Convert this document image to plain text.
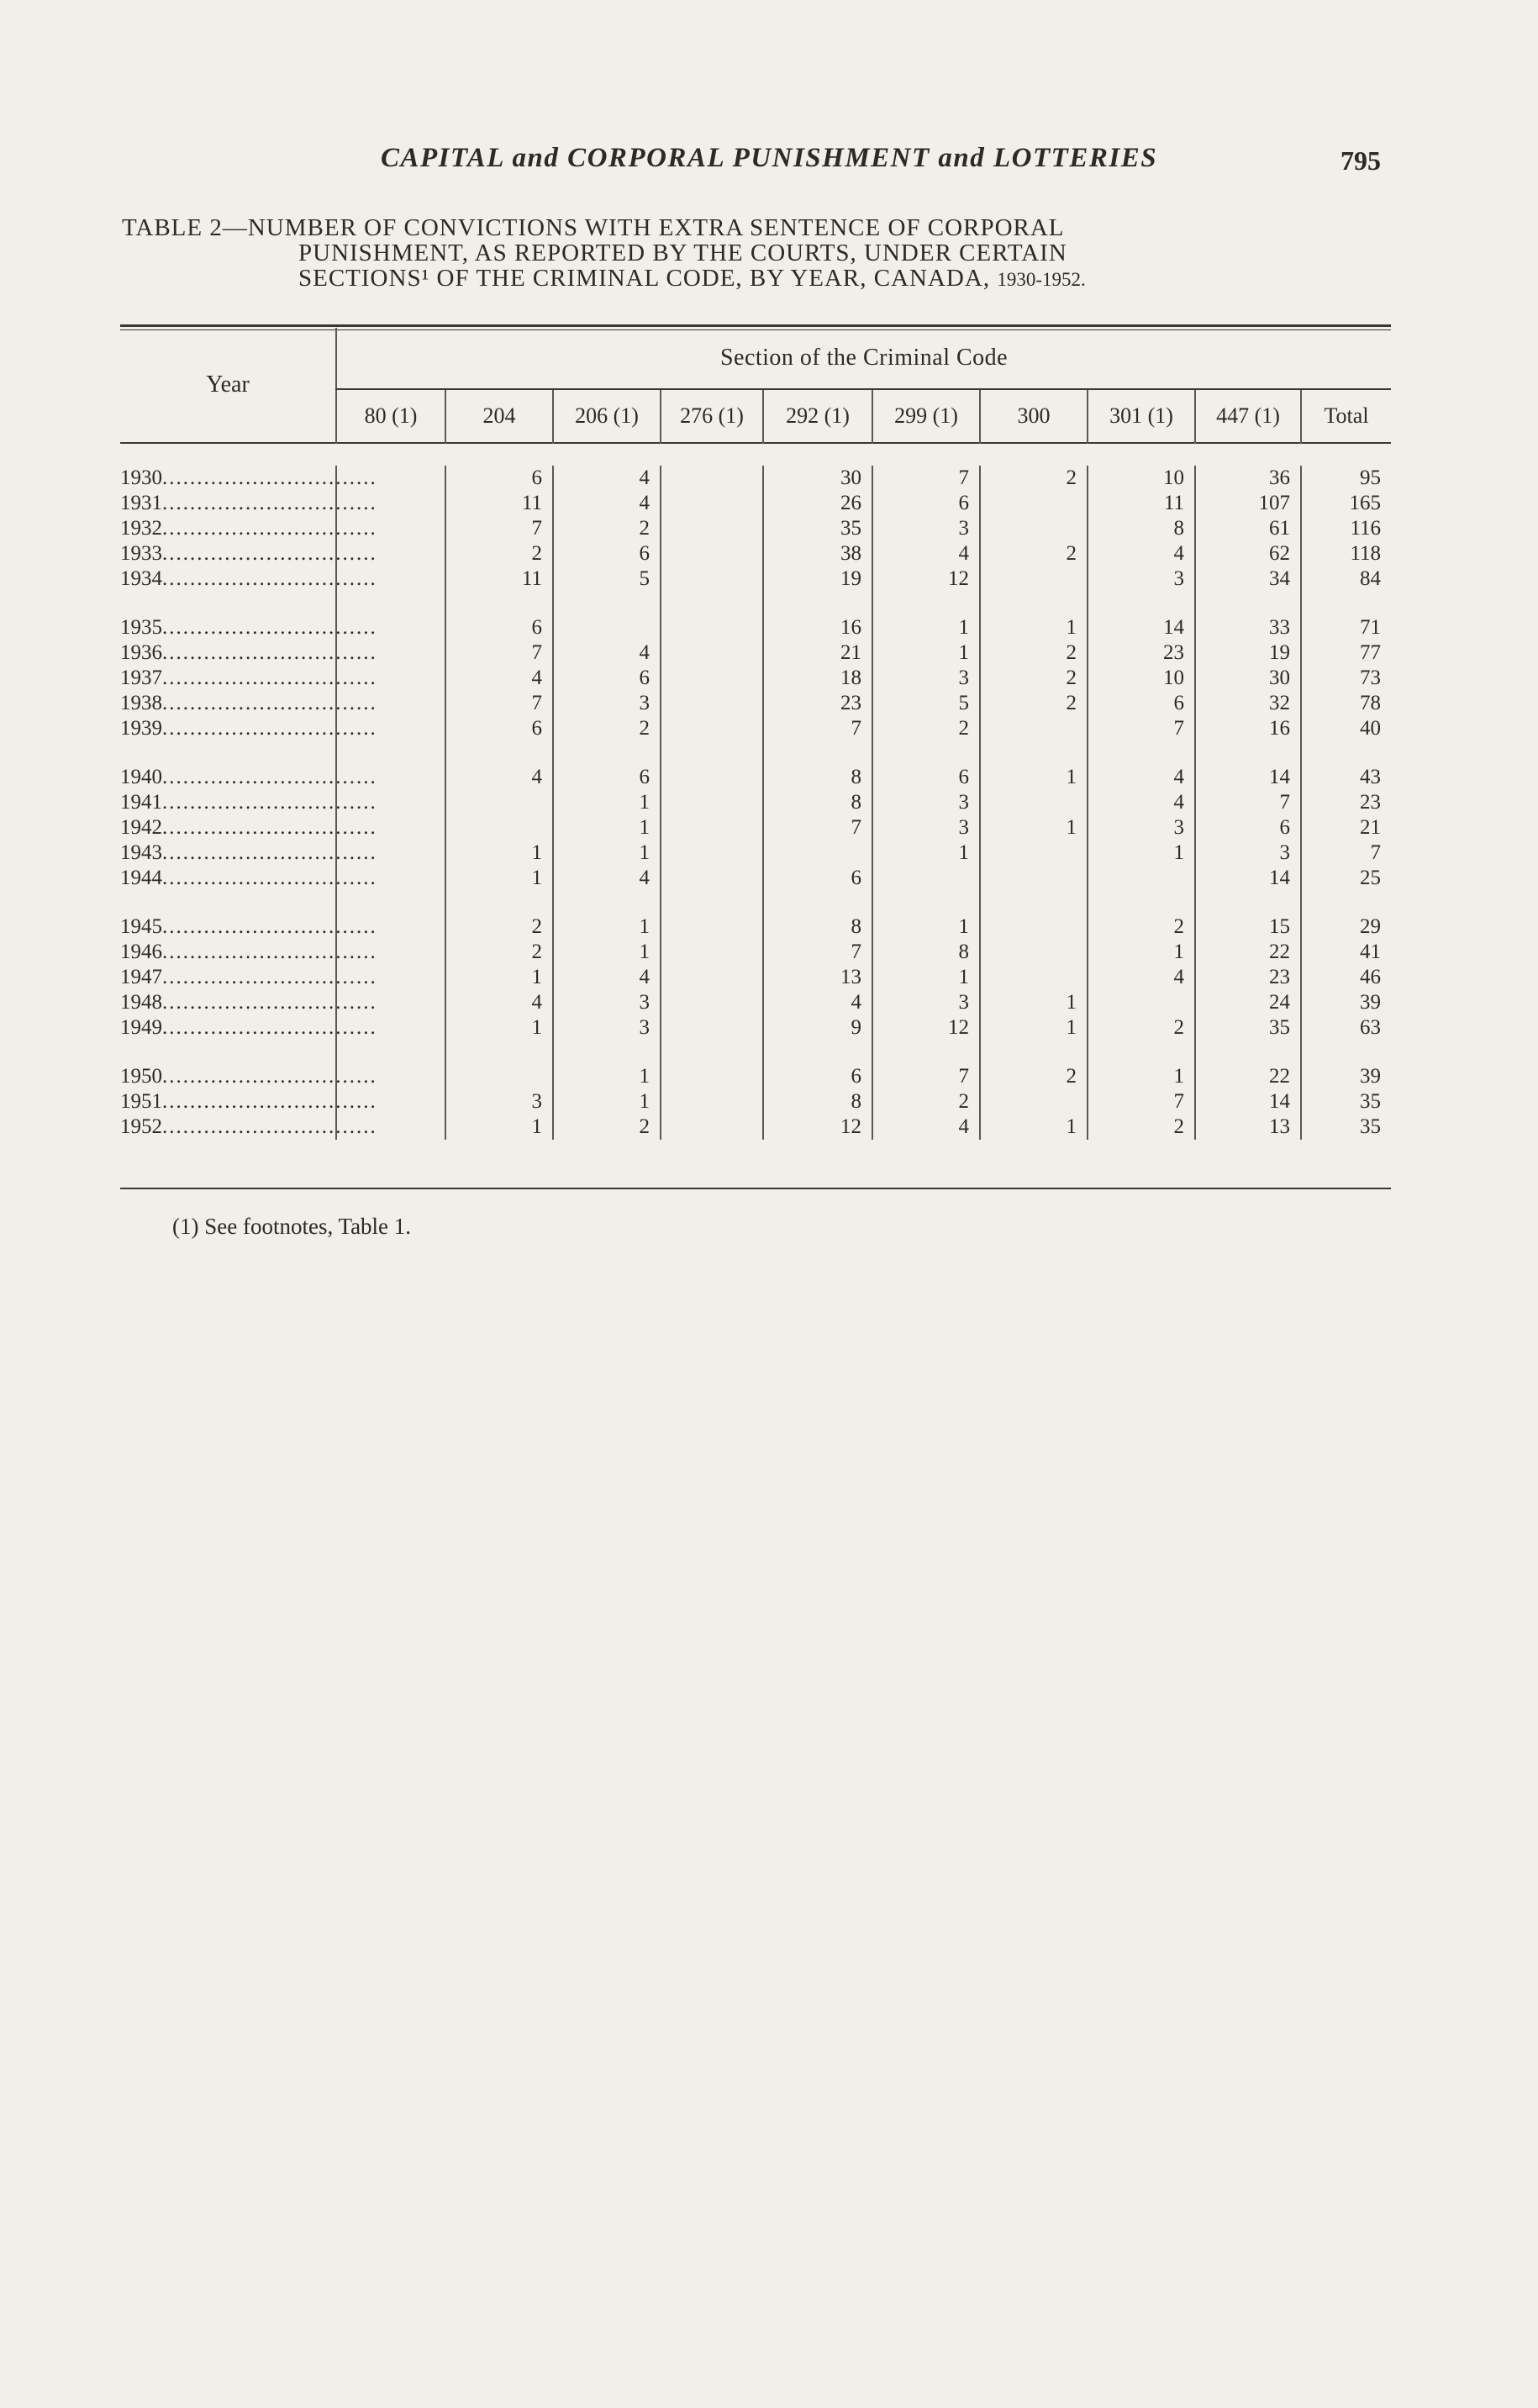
CAPITAL and CORPORAL PUNISHMENT and LOTTERIES	795
TABLE 2—NUMBER OF CONVICTIONS WITH EXTRA SENTENCE OF CORPORAL
PUNISHMENT, AS REPORTED BY THE COURTS, UNDER CERTAIN
SECTIONS¹ OF THE CRIMINAL CODE, BY YEAR, CANADA, 1930-1952.
Year	Section of the Criminal Code									
	80 (1)	204	206 (1)	276 (1)	292 (1)	299 (1)	300	301 (1)	447 (1)	Total

1930...............................		6	4		30	7	2	10	36	95
1931...............................		11	4		26	6		11	107	165
1932...............................		7	2		35	3		8	61	116
1933...............................		2	6		38	4	2	4	62	118
1934...............................		11	5		19	12		3	34	84

1935...............................		6			16	1	1	14	33	71
1936...............................		7	4		21	1	2	23	19	77
1937...............................		4	6		18	3	2	10	30	73
1938...............................		7	3		23	5	2	6	32	78
1939...............................		6	2		7	2		7	16	40

1940...............................		4	6		8	6	1	4	14	43
1941...............................			1		8	3		4	7	23
1942...............................			1		7	3	1	3	6	21
1943...............................		1	1			1		1	3	7
1944...............................		1	4		6				14	25

1945...............................		2	1		8	1		2	15	29
1946...............................		2	1		7	8		1	22	41
1947...............................		1	4		13	1		4	23	46
1948...............................		4	3		4	3	1		24	39
1949...............................		1	3		9	12	1	2	35	63

1950...............................			1		6	7	2	1	22	39
1951...............................		3	1		8	2		7	14	35
1952...............................		1	2		12	4	1	2	13	35
(1) See footnotes, Table 1.
